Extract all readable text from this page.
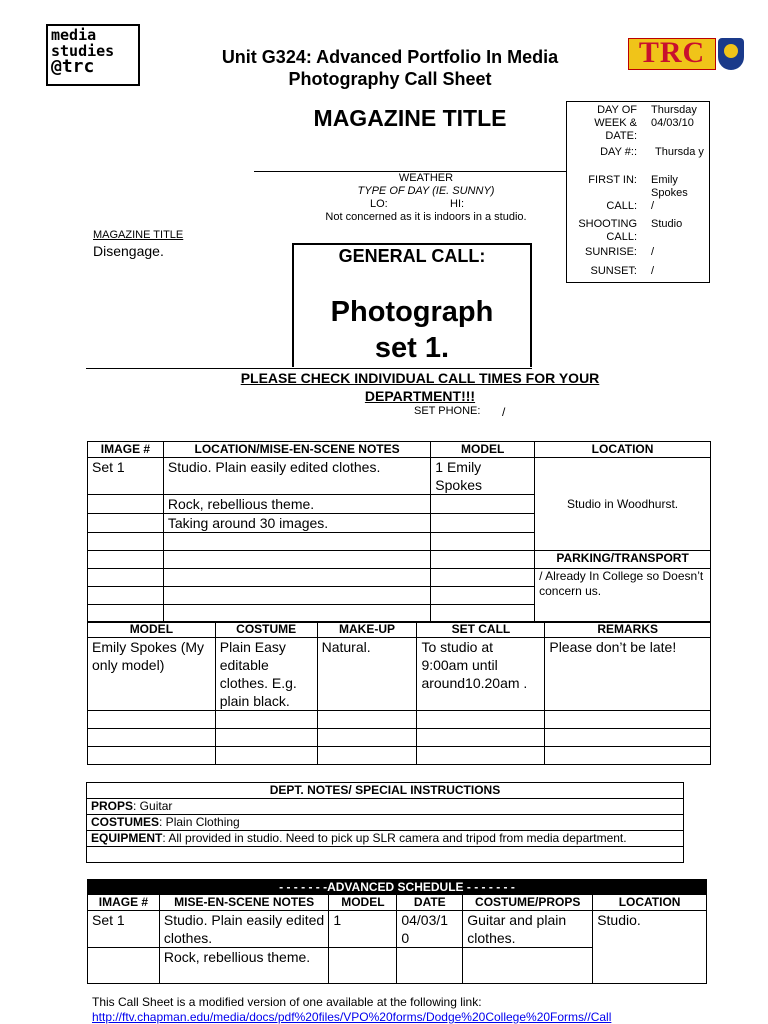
media
studies
@trc	TRC
Unit G324: Advanced Portfolio In Media
Photography Call Sheet
MAGAZINE TITLE	DAY OF WEEK & DATE:
Thursday 04/03/10
DAY #:: Thursda y
FIRST IN: Emily Spokes
CALL: /
SHOOTING CALL:
Studio
SUNRISE: /
SUNSET: /
WEATHER
TYPE OF DAY (IE. SUNNY)
Not concerned as it is indoors in a studio.
LO:	HI:
MAGAZINE TITLE
Disengage.	GENERAL CALL:
Photograph
set 1.
PLEASE CHECK INDIVIDUAL CALL TIMES FOR YOUR DEPARTMENT!!!
SET PHONE: /
IMAGE #	LOCATION/MISE-EN-SCENE NOTES	MODEL	LOCATION
Set 1	Studio. Plain easily edited clothes.	1 Emily Spokes	Studio in Woodhurst.
	Rock, rebellious theme.		
	Taking around 30 images.		

			PARKING/TRANSPORT
			/ Already In College so Doesn’t concern us.

MODEL	COSTUME	MAKE-UP	SET CALL	REMARKS
Emily Spokes (My only model)	Plain Easy editable clothes. E.g. plain black.	Natural.	To studio at 9:00am until around10.20am .	Please don’t be late!

DEPT. NOTES/ SPECIAL INSTRUCTIONS
PROPS: Guitar
COSTUMES: Plain Clothing
EQUIPMENT: All provided in studio. Need to pick up SLR camera and tripod from media department.

- - - - - - -ADVANCED SCHEDULE - - - - - - -					
IMAGE #	MISE-EN-SCENE NOTES	MODEL	DATE	COSTUME/PROPS	LOCATION
Set 1	Studio. Plain easily edited clothes.	1	04/03/1 0	Guitar and plain clothes.	Studio.
	Rock, rebellious theme.				
This Call Sheet is a modified version of one available at the following link:
http://ftv.chapman.edu/media/docs/pdf%20files/VPO%20forms/Dodge%20College%20Forms//Call
